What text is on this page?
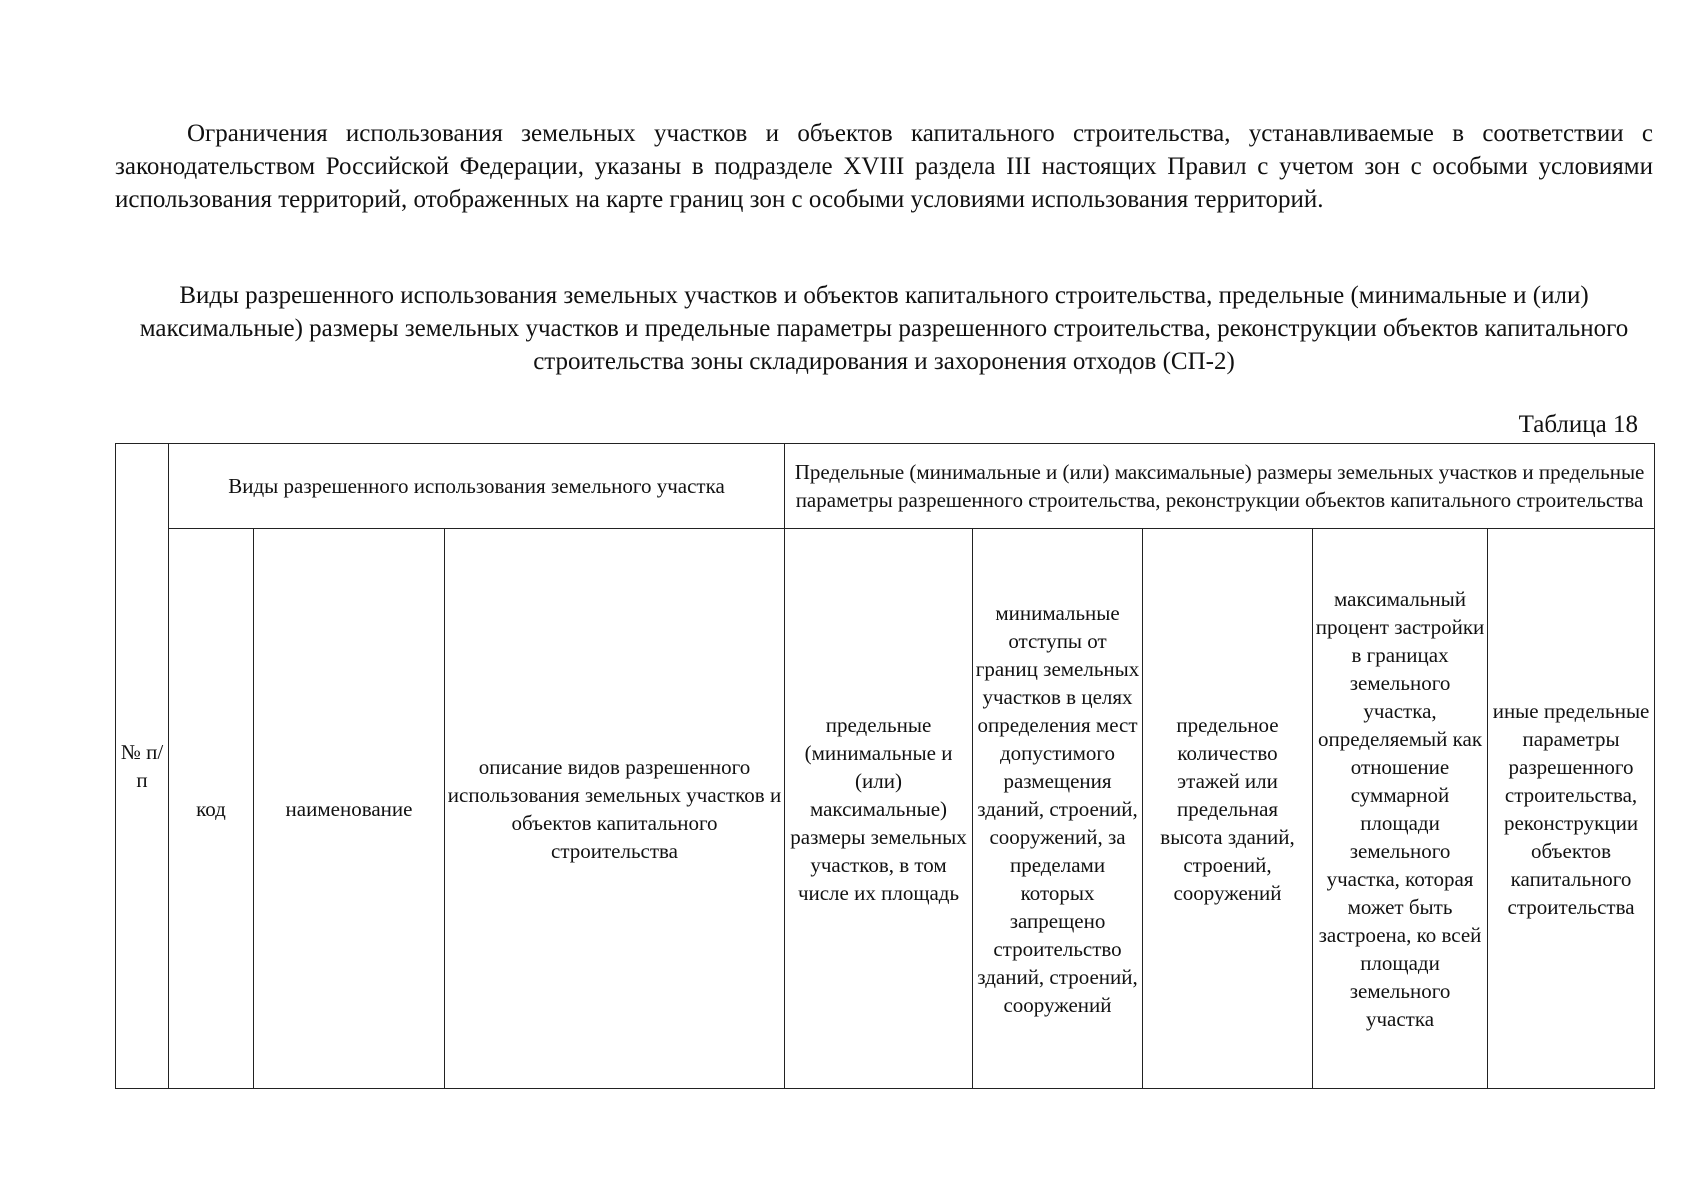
Ограничения использования земельных участков и объектов капитального строительства, устанавливаемые в соответствии с законодательством Российской Федерации, указаны в подразделе XVIII раздела III настоящих Правил с учетом зон с особыми условиями использования территорий, отображенных на карте границ зон с особыми условиями использования территорий.

Виды разрешенного использования земельных участков и объектов капитального строительства, предельные (минимальные и (или) максимальные) размеры земельных участков и предельные параметры разрешенного строительства, реконструкции объектов капитального строительства зоны складирования и захоронения отходов (СП-2)

Таблица 18
№ п/п	Виды разрешенного использования земельного участка			Предельные (минимальные и (или) максимальные) размеры земельных участков и предельные параметры разрешенного строительства, реконструкции объектов капитального строительства				
	код	наименование	описание видов разрешенного использования земельных участков и объектов капитального строительства	предельные (минимальные и (или) максимальные) размеры земельных участков, в том числе их площадь	минимальные отступы от границ земельных участков в целях определения мест допустимого размещения зданий, строений, сооружений, за пределами которых запрещено строительство зданий, строений, сооружений	предельное количество этажей или предельная высота зданий, строений, сооружений	максимальный процент застройки в границах земельного участка, определяемый как отношение суммарной площади земельного участка, которая может быть застроена, ко всей площади земельного участка	иные предельные параметры разрешенного строительства, реконструкции объектов капитального строительства
